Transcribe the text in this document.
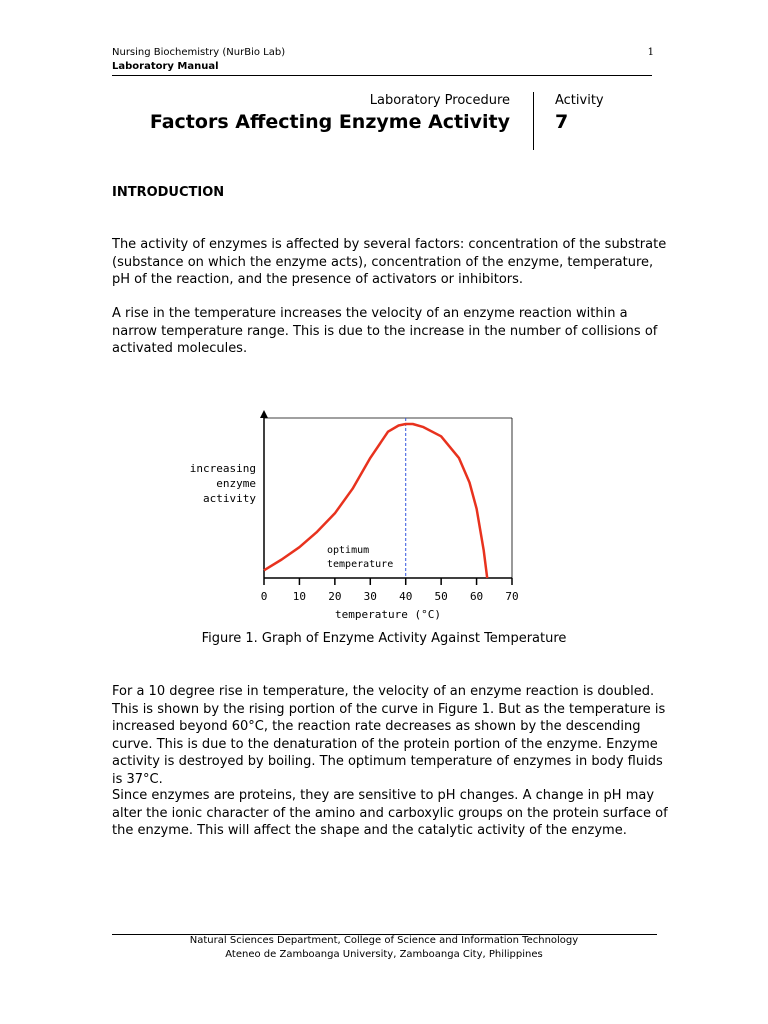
Nursing Biochemistry (NurBio Lab)
Laboratory Manual
1
Laboratory Procedure
Factors Affecting Enzyme Activity
Activity
7
INTRODUCTION
The activity of enzymes is affected by several factors: concentration of the substrate (substance on which the enzyme acts), concentration of the enzyme, temperature, pH of the reaction, and the presence of activators or inhibitors.
A rise in the temperature increases the velocity of an enzyme reaction within a narrow temperature range. This is due to the increase in the number of collisions of activated molecules.
0 10 20 30 40 50 60 70
temperature (°C)
increasing
enzyme
activity
optimum
temperature
Figure 1. Graph of Enzyme Activity Against Temperature
For a 10 degree rise in temperature, the velocity of an enzyme reaction is doubled. This is shown by the rising portion of the curve in Figure 1. But as the temperature is increased beyond 60°C, the reaction rate decreases as shown by the descending curve. This is due to the denaturation of the protein portion of the enzyme. Enzyme activity is destroyed by boiling. The optimum temperature of enzymes in body fluids is 37°C.
Since enzymes are proteins, they are sensitive to pH changes. A change in pH may alter the ionic character of the amino and carboxylic groups on the protein surface of the enzyme. This will affect the shape and the catalytic activity of the enzyme.
Natural Sciences Department, College of Science and Information Technology
Ateneo de Zamboanga University, Zamboanga City, Philippines
